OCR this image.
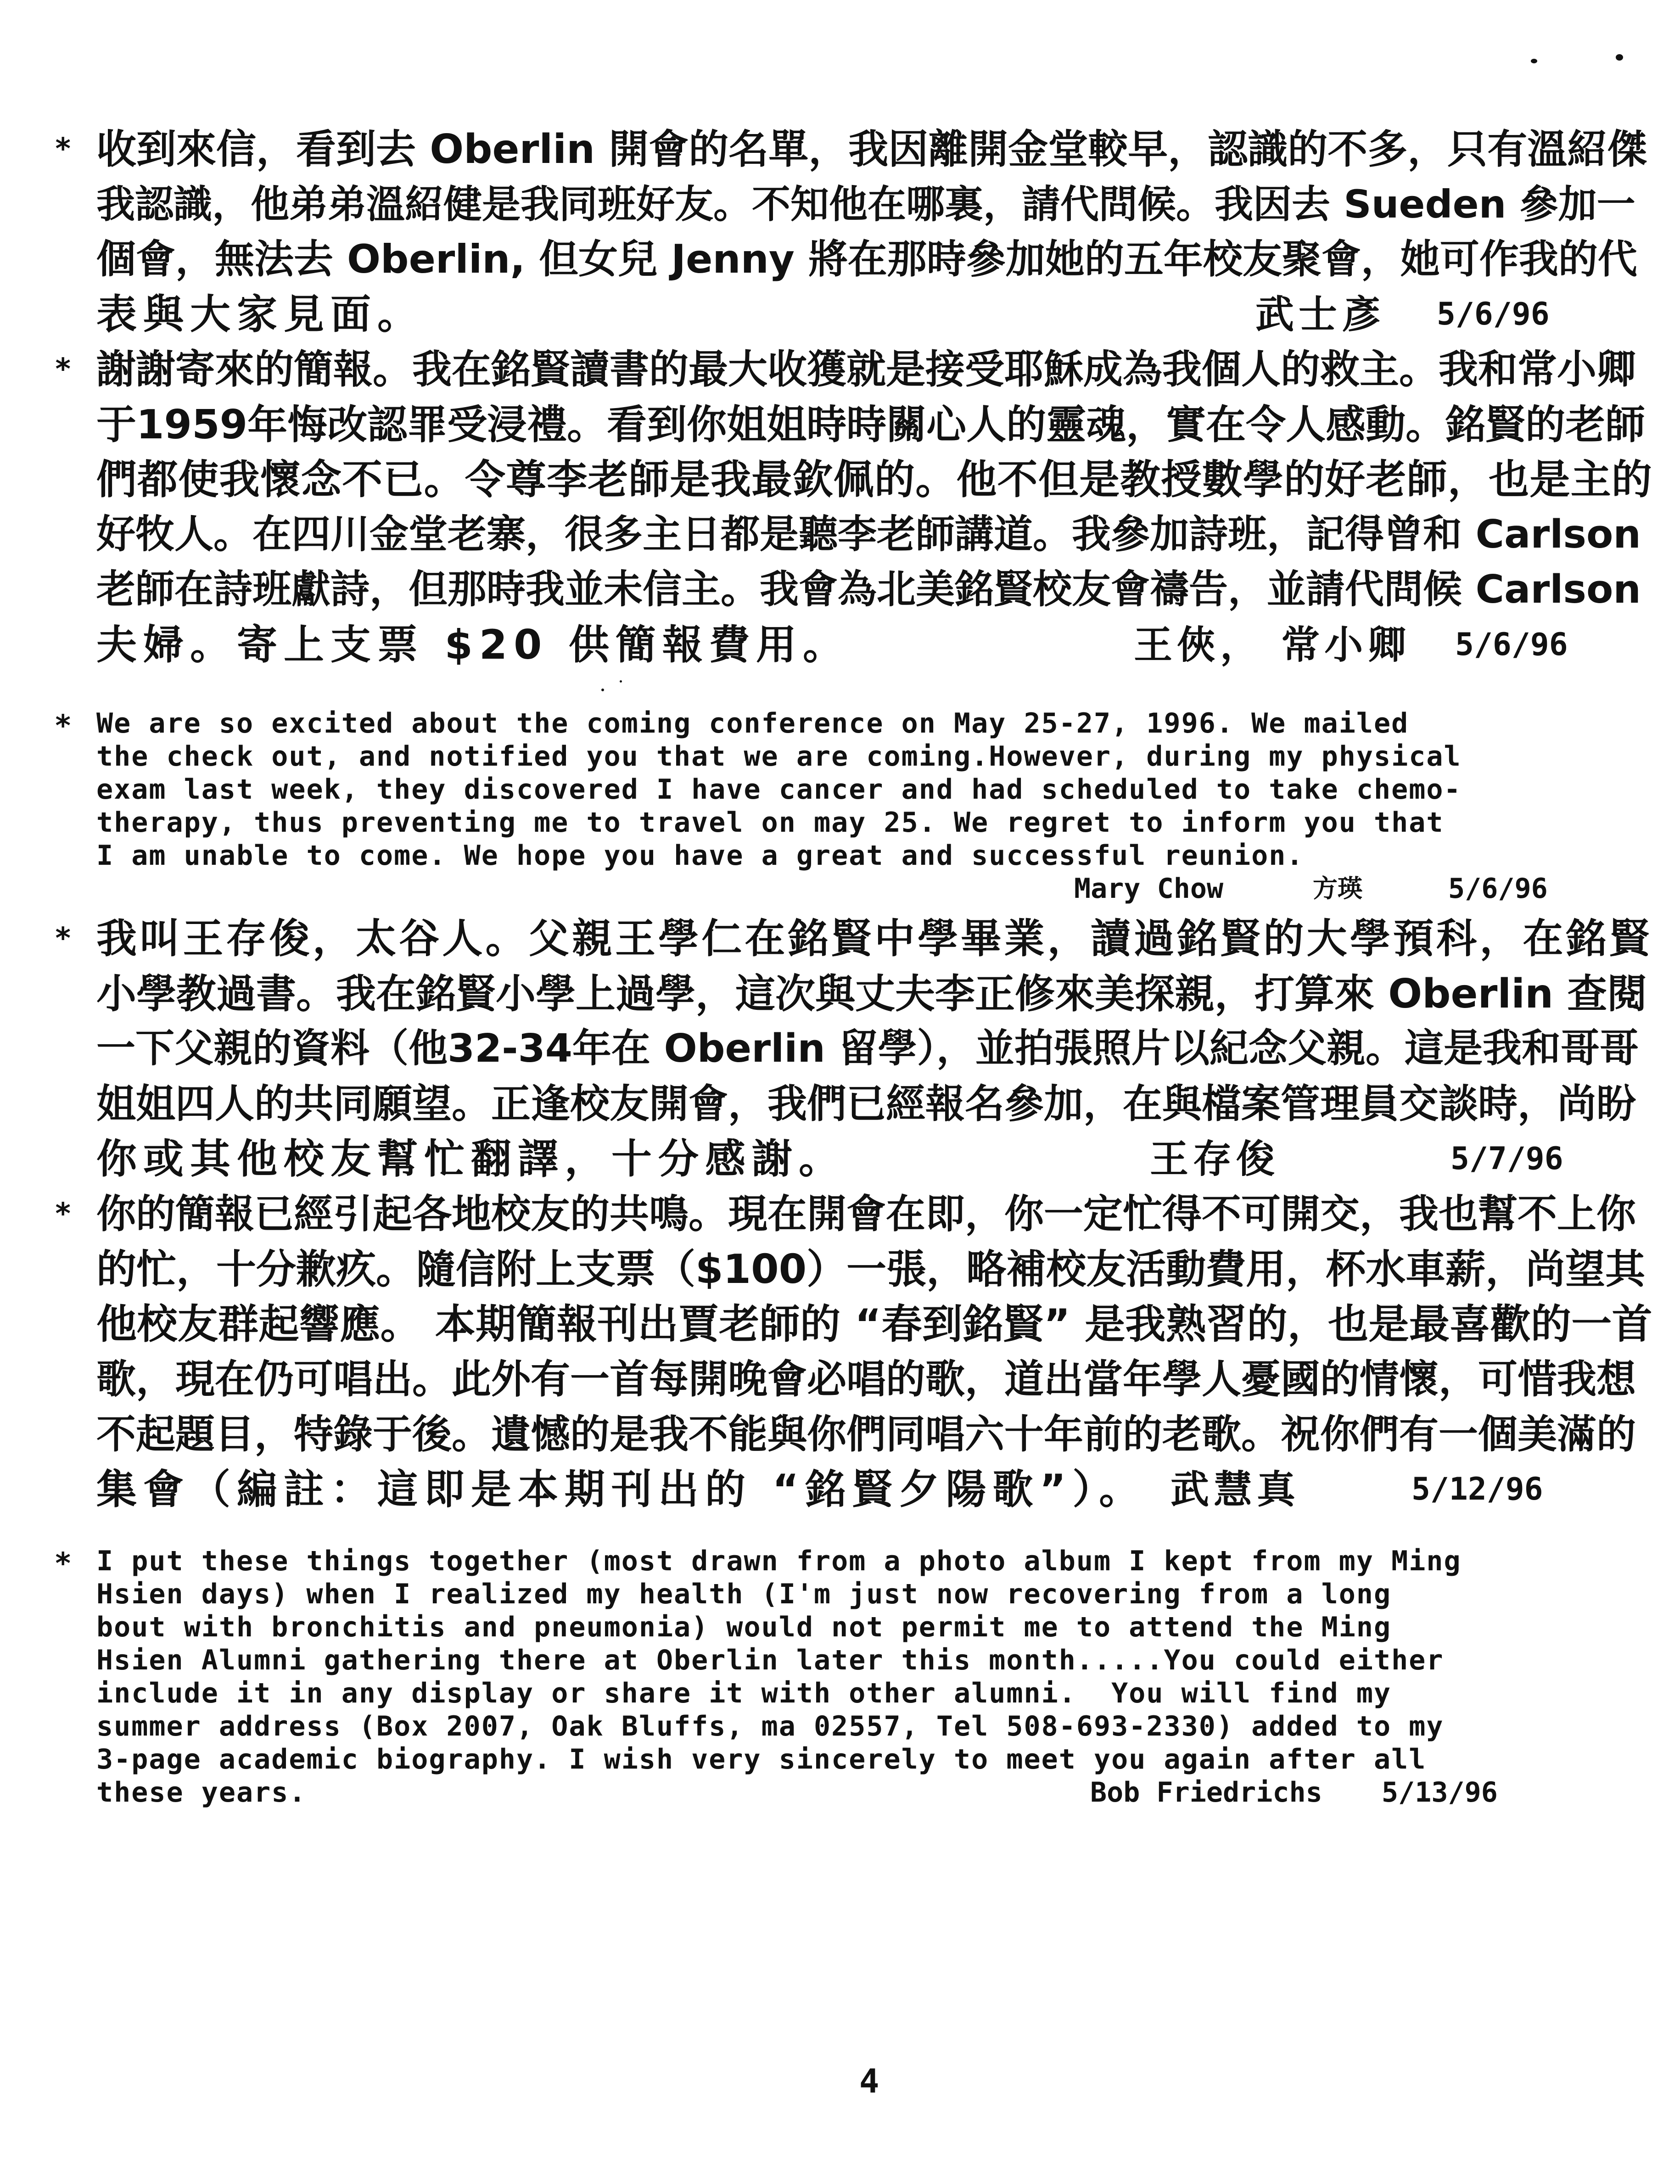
* 收到來信，看到去 Oberlin 開會的名單，我因離開金堂較早，認識的不多，只有溫紹傑
我認識，他弟弟溫紹健是我同班好友。不知他在哪裏，請代問候。我因去 Sueden 參加一
個會，無法去 Oberlin, 但女兒 Jenny 將在那時參加她的五年校友聚會，她可作我的代
表與大家見面。	武士彥 5/6/96
* 謝謝寄來的簡報。我在銘賢讀書的最大收獲就是接受耶穌成為我個人的救主。我和常小卿
于1959年悔改認罪受浸禮。看到你姐姐時時關心人的靈魂，實在令人感動。銘賢的老師
們都使我懷念不已。令尊李老師是我最欽佩的。他不但是教授數學的好老師，也是主的
好牧人。在四川金堂老寨，很多主日都是聽李老師講道。我參加詩班，記得曾和 Carlson
老師在詩班獻詩，但那時我並未信主。我會為北美銘賢校友會禱告，並請代問候 Carlson
夫婦。寄上支票 $20 供簡報費用。	王俠， 常小卿 5/6/96
* We are so excited about the coming conference on May 25-27, 1996. We mailed
the check out, and notified you that we are coming.However, during my physical
exam last week, they discovered I have cancer and had scheduled to take chemo-
therapy, thus preventing me to travel on may 25. We regret to inform you that
I am unable to come. We hope you have a great and successful reunion.
Mary Chow	方瑛	5/6/96
* 我叫王存俊，太谷人。父親王學仁在銘賢中學畢業，讀過銘賢的大學預科，在銘賢
小學教過書。我在銘賢小學上過學，這次與丈夫李正修來美探親，打算來 Oberlin 查閱
一下父親的資料（他32-34年在 Oberlin 留學），並拍張照片以紀念父親。這是我和哥哥
姐姐四人的共同願望。正逢校友開會，我們已經報名參加，在與檔案管理員交談時，尚盼
你或其他校友幫忙翻譯，十分感謝。	王存俊	5/7/96
* 你的簡報已經引起各地校友的共鳴。現在開會在即，你一定忙得不可開交，我也幫不上你
的忙，十分歉疚。隨信附上支票（$100）一張，略補校友活動費用，杯水車薪，尚望其
他校友群起響應。 本期簡報刊出賈老師的 “春到銘賢” 是我熟習的，也是最喜歡的一首
歌，現在仍可唱出。此外有一首每開晚會必唱的歌，道出當年學人憂國的情懷，可惜我想
不起題目，特錄于後。遺憾的是我不能與你們同唱六十年前的老歌。祝你們有一個美滿的
集會（編註：這即是本期刊出的 “銘賢夕陽歌”）。 武慧真	5/12/96
* I put these things together (most drawn from a photo album I kept from my Ming
Hsien days) when I realized my health (I'm just now recovering from a long
bout with bronchitis and pneumonia) would not permit me to attend the Ming
Hsien Alumni gathering there at Oberlin later this month.....You could either
include it in any display or share it with other alumni.  You will find my
summer address (Box 2007, Oak Bluffs, ma 02557, Tel 508-693-2330) added to my
3-page academic biography. I wish very sincerely to meet you again after all
these years.	Bob Friedrichs 5/13/96
4
